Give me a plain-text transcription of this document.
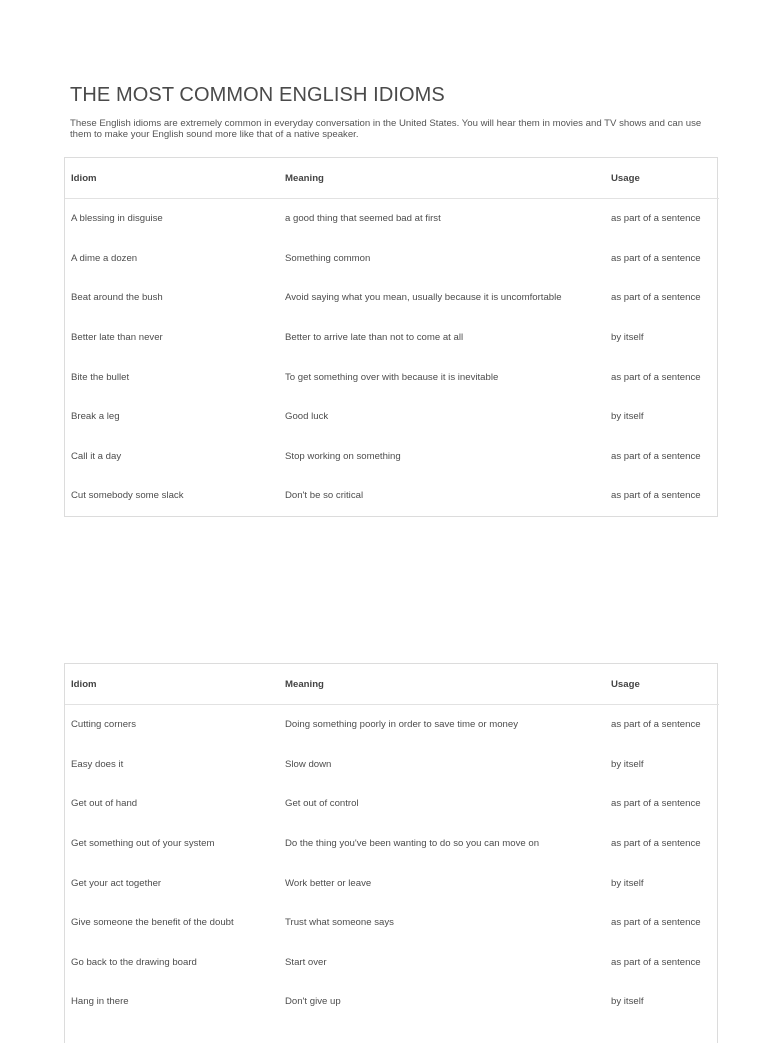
THE MOST COMMON ENGLISH IDIOMS

These English idioms are extremely common in everyday conversation in the United States. You will hear them in movies and TV shows and can use them to make your English sound more like that of a native speaker.

Idiom	Meaning	Usage
A blessing in disguise	a good thing that seemed bad at first	as part of a sentence
A dime a dozen	Something common	as part of a sentence
Beat around the bush	Avoid saying what you mean, usually because it is uncomfortable	as part of a sentence
Better late than never	Better to arrive late than not to come at all	by itself
Bite the bullet	To get something over with because it is inevitable	as part of a sentence
Break a leg	Good luck	by itself
Call it a day	Stop working on something	as part of a sentence
Cut somebody some slack	Don't be so critical	as part of a sentence
Idiom	Meaning	Usage
Cutting corners	Doing something poorly in order to save time or money	as part of a sentence
Easy does it	Slow down	by itself
Get out of hand	Get out of control	as part of a sentence
Get something out of your system	Do the thing you've been wanting to do so you can move on	as part of a sentence
Get your act together	Work better or leave	by itself
Give someone the benefit of the doubt	Trust what someone says	as part of a sentence
Go back to the drawing board	Start over	as part of a sentence
Hang in there	Don't give up	by itself
